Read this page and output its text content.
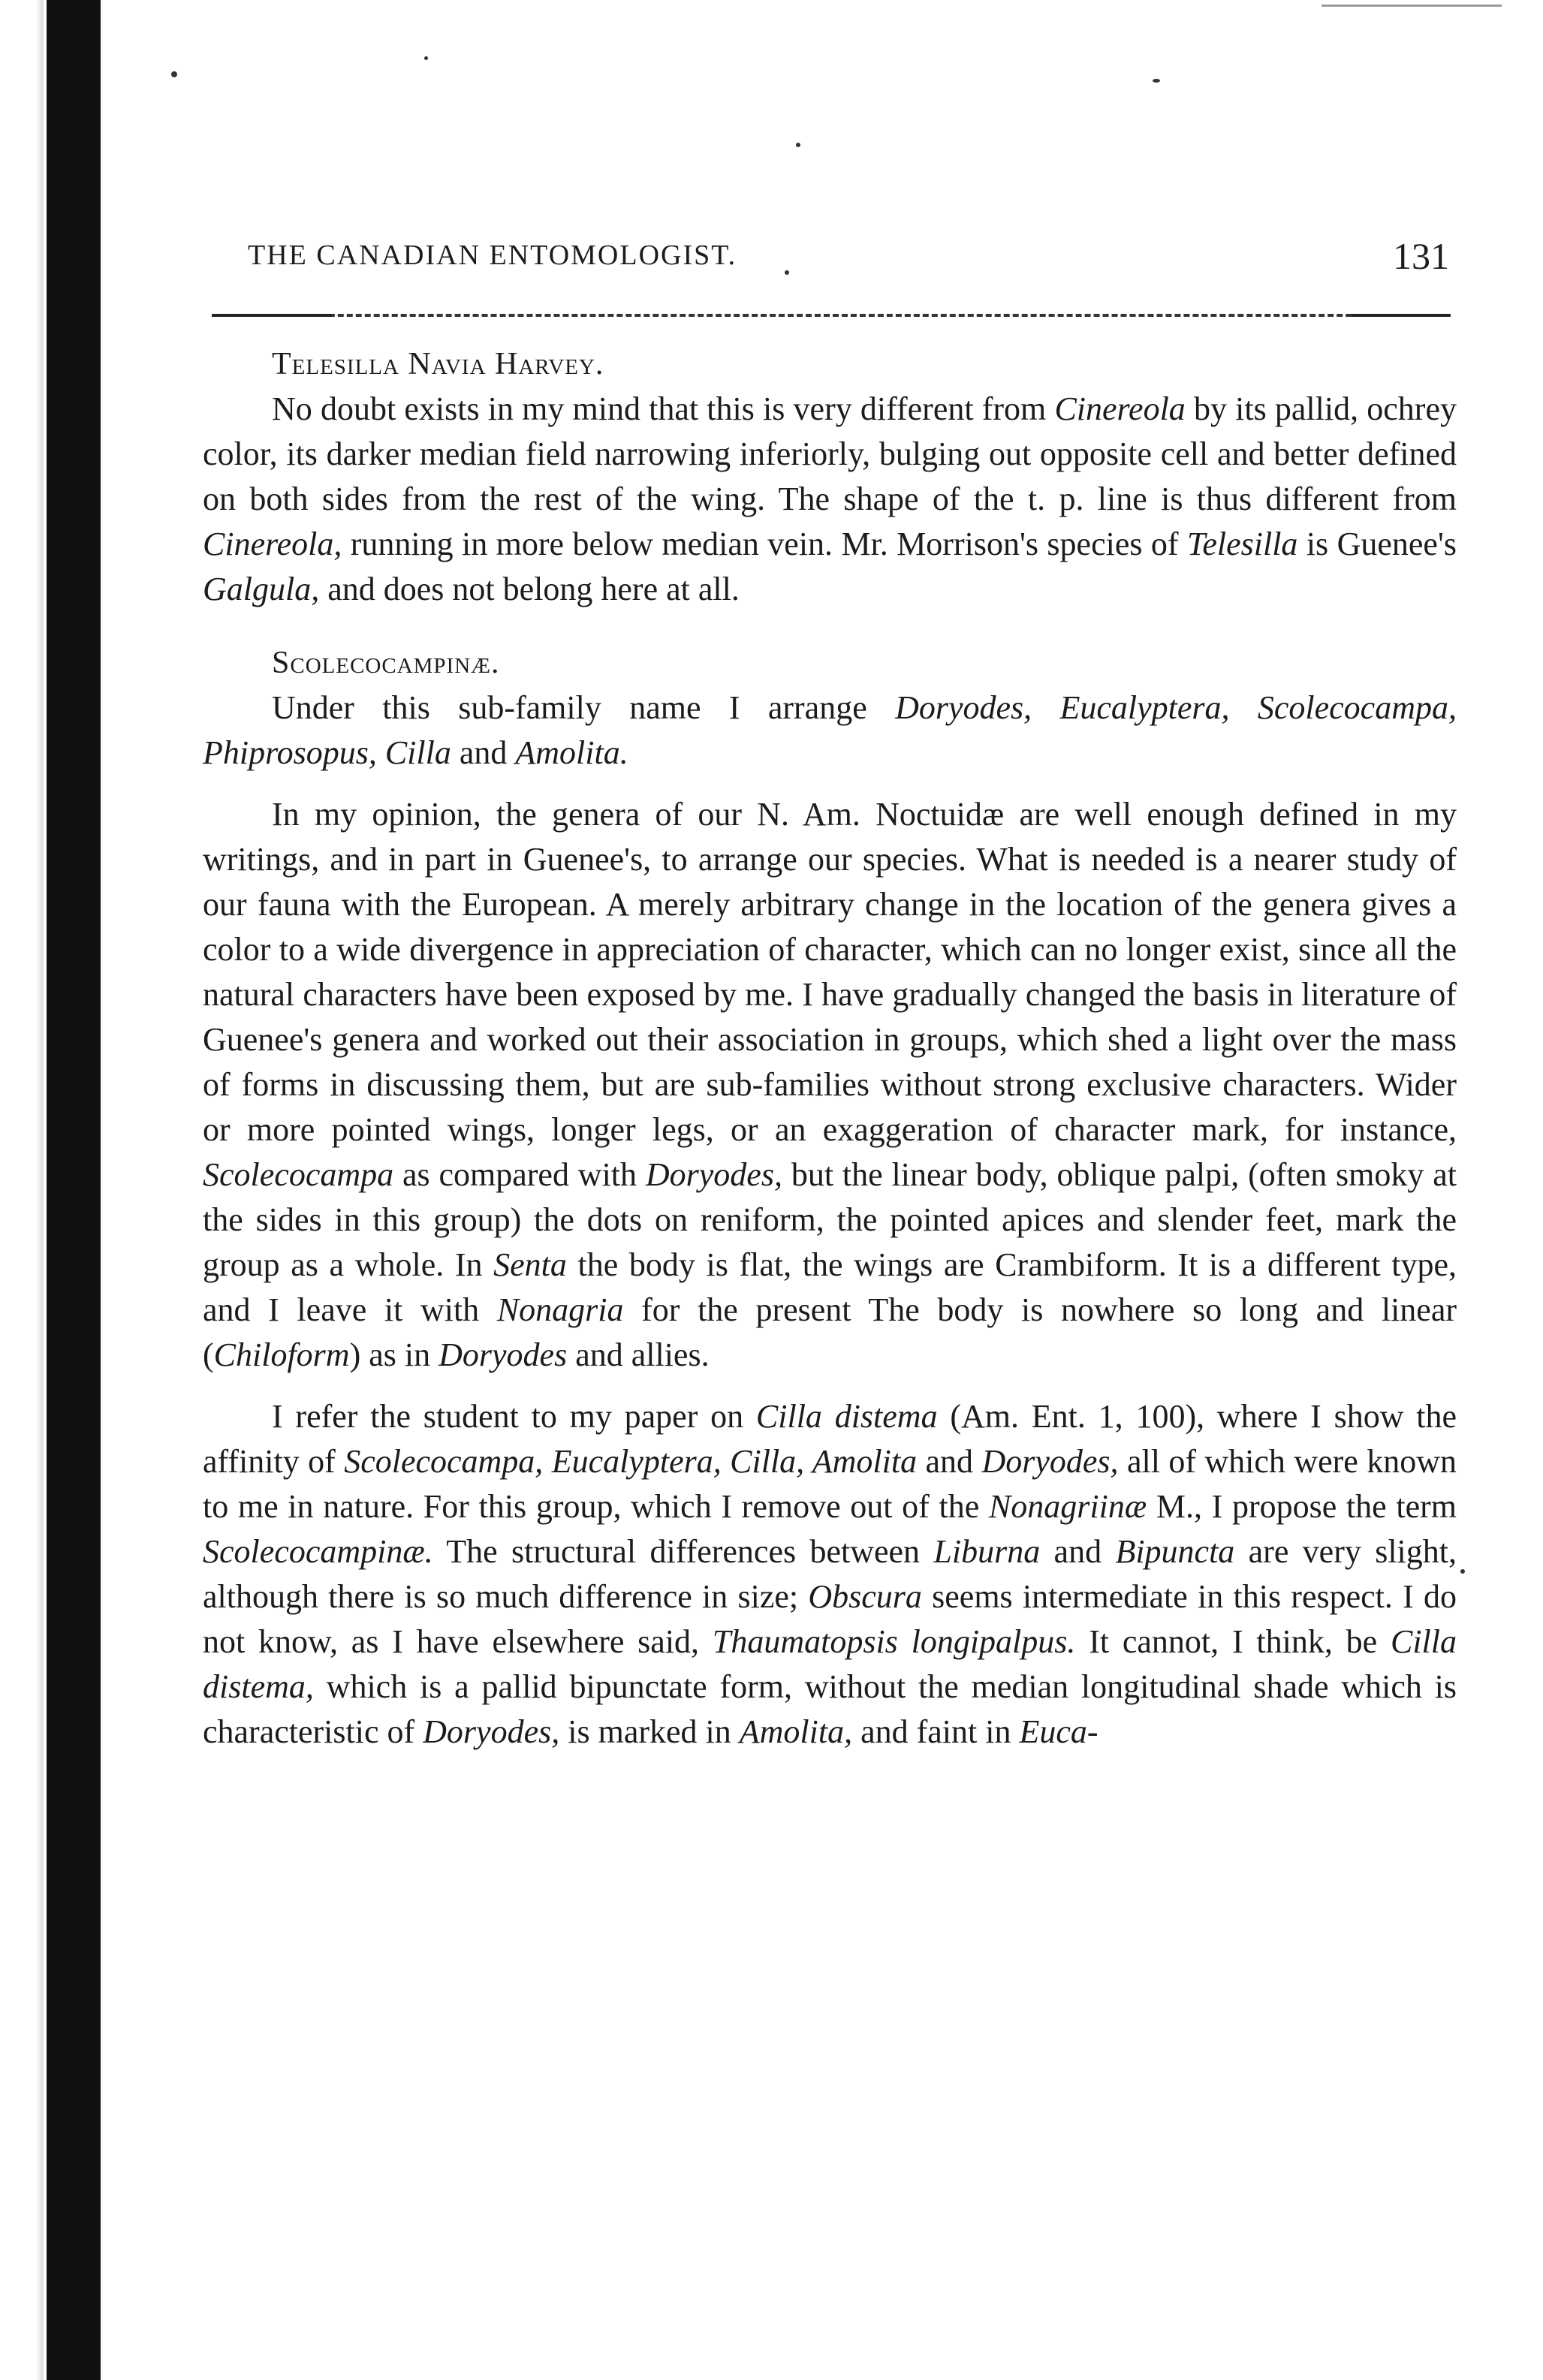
THE CANADIAN ENTOMOLOGIST.	131
Telesilla Navia Harvey.

No doubt exists in my mind that this is very different from Cinereola by its pallid, ochrey color, its darker median field narrowing inferiorly, bulging out opposite cell and better defined on both sides from the rest of the wing. The shape of the t. p. line is thus different from Cinereola, running in more below median vein. Mr. Morrison's species of Telesilla is Guenee's Galgula, and does not belong here at all.

Scolecocampinæ.

Under this sub-family name I arrange Doryodes, Eucalyptera, Scolecocampa, Phiprosopus, Cilla and Amolita.

In my opinion, the genera of our N. Am. Noctuidæ are well enough defined in my writings, and in part in Guenee's, to arrange our species. What is needed is a nearer study of our fauna with the European. A merely arbitrary change in the location of the genera gives a color to a wide divergence in appreciation of character, which can no longer exist, since all the natural characters have been exposed by me. I have gradually changed the basis in literature of Guenee's genera and worked out their association in groups, which shed a light over the mass of forms in discussing them, but are sub-families without strong exclusive characters. Wider or more pointed wings, longer legs, or an exaggeration of character mark, for instance, Scolecocampa as compared with Doryodes, but the linear body, oblique palpi, (often smoky at the sides in this group) the dots on reniform, the pointed apices and slender feet, mark the group as a whole. In Senta the body is flat, the wings are Crambiform. It is a different type, and I leave it with Nonagria for the present The body is nowhere so long and linear (Chiloform) as in Doryodes and allies.

I refer the student to my paper on Cilla distema (Am. Ent. 1, 100), where I show the affinity of Scolecocampa, Eucalyptera, Cilla, Amolita and Doryodes, all of which were known to me in nature. For this group, which I remove out of the Nonagriinæ M., I propose the term Scolecocampinæ. The structural differences between Liburna and Bipuncta are very slight, although there is so much difference in size; Obscura seems intermediate in this respect. I do not know, as I have elsewhere said, Thaumatopsis longipalpus. It cannot, I think, be Cilla distema, which is a pallid bipunctate form, without the median longitudinal shade which is characteristic of Doryodes, is marked in Amolita, and faint in Euca-
